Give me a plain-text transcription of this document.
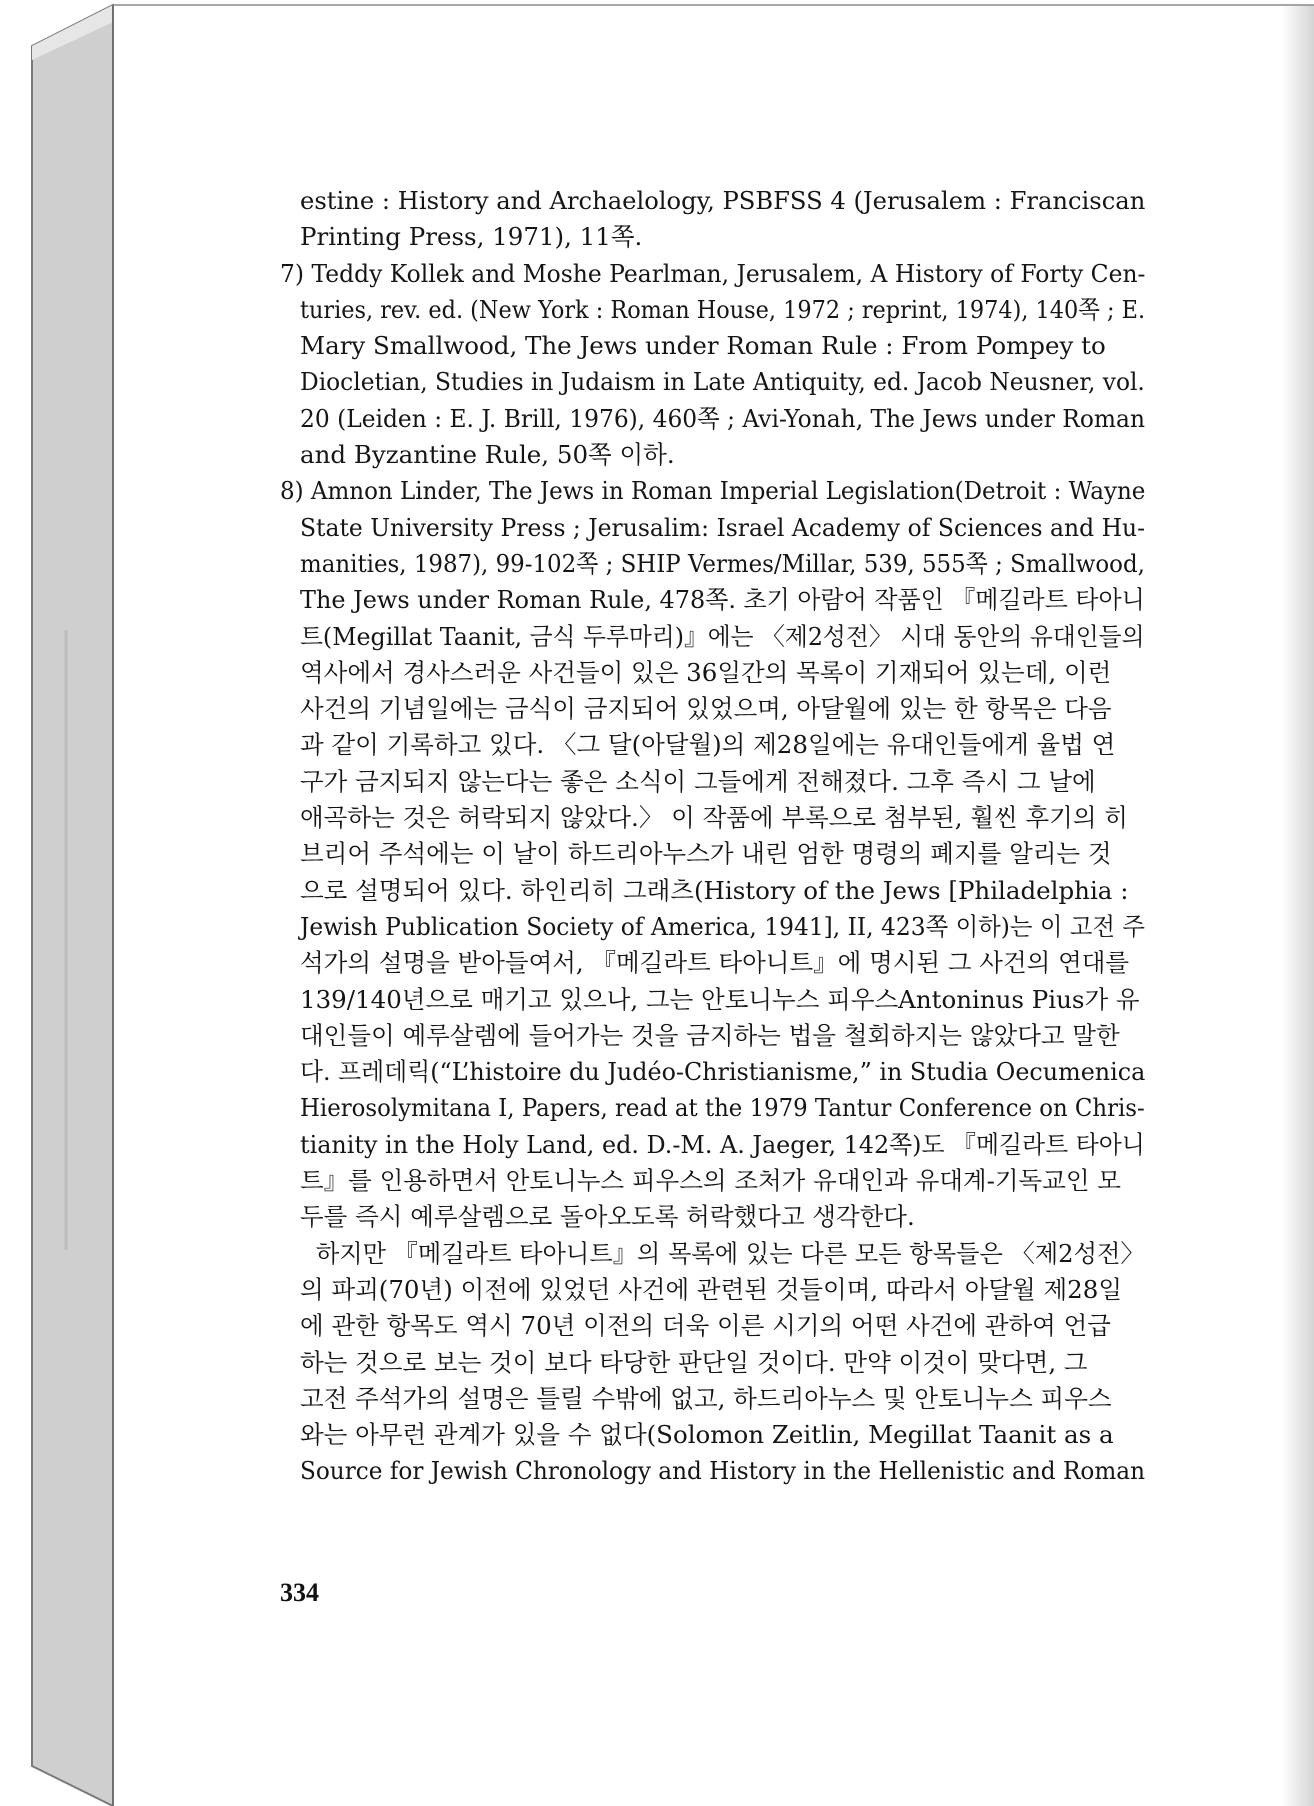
estine : History and Archaelology, PSBFSS 4 (Jerusalem : Franciscan
Printing Press, 1971), 11쪽.
7) Teddy Kollek and Moshe Pearlman, Jerusalem, A History of Forty Cen-
turies, rev. ed. (New York : Roman House, 1972 ; reprint, 1974), 140쪽 ; E.
Mary Smallwood, The Jews under Roman Rule : From Pompey to
Diocletian, Studies in Judaism in Late Antiquity, ed. Jacob Neusner, vol.
20 (Leiden : E. J. Brill, 1976), 460쪽 ; Avi-Yonah, The Jews under Roman
and Byzantine Rule, 50쪽 이하.
8) Amnon Linder, The Jews in Roman Imperial Legislation(Detroit : Wayne
State University Press ; Jerusalim: Israel Academy of Sciences and Hu-
manities, 1987), 99-102쪽 ; SHIP Vermes/Millar, 539, 555쪽 ; Smallwood,
The Jews under Roman Rule, 478쪽. 초기 아람어 작품인 『메길라트 타아니
트(Megillat Taanit, 금식 두루마리)』에는 〈제2성전〉 시대 동안의 유대인들의
역사에서 경사스러운 사건들이 있은 36일간의 목록이 기재되어 있는데, 이런
사건의 기념일에는 금식이 금지되어 있었으며, 아달월에 있는 한 항목은 다음
과 같이 기록하고 있다. 〈그 달(아달월)의 제28일에는 유대인들에게 율법 연
구가 금지되지 않는다는 좋은 소식이 그들에게 전해졌다. 그후 즉시 그 날에
애곡하는 것은 허락되지 않았다.〉 이 작품에 부록으로 첨부된, 훨씬 후기의 히
브리어 주석에는 이 날이 하드리아누스가 내린 엄한 명령의 폐지를 알리는 것
으로 설명되어 있다. 하인리히 그래츠(History of the Jews [Philadelphia :
Jewish Publication Society of America, 1941], II, 423쪽 이하)는 이 고전 주
석가의 설명을 받아들여서, 『메길라트 타아니트』에 명시된 그 사건의 연대를
139/140년으로 매기고 있으나, 그는 안토니누스 피우스Antoninus Pius가 유
대인들이 예루살렘에 들어가는 것을 금지하는 법을 철회하지는 않았다고 말한
다. 프레데릭(“L’histoire du Judéo-Christianisme,” in Studia Oecumenica
Hierosolymitana I, Papers, read at the 1979 Tantur Conference on Chris-
tianity in the Holy Land, ed. D.-M. A. Jaeger, 142쪽)도 『메길라트 타아니
트』를 인용하면서 안토니누스 피우스의 조처가 유대인과 유대계-기독교인 모
두를 즉시 예루살렘으로 돌아오도록 허락했다고 생각한다.
하지만 『메길라트 타아니트』의 목록에 있는 다른 모든 항목들은 〈제2성전〉
의 파괴(70년) 이전에 있었던 사건에 관련된 것들이며, 따라서 아달월 제28일
에 관한 항목도 역시 70년 이전의 더욱 이른 시기의 어떤 사건에 관하여 언급
하는 것으로 보는 것이 보다 타당한 판단일 것이다. 만약 이것이 맞다면, 그
고전 주석가의 설명은 틀릴 수밖에 없고, 하드리아누스 및 안토니누스 피우스
와는 아무런 관계가 있을 수 없다(Solomon Zeitlin, Megillat Taanit as a
Source for Jewish Chronology and History in the Hellenistic and Roman
334
